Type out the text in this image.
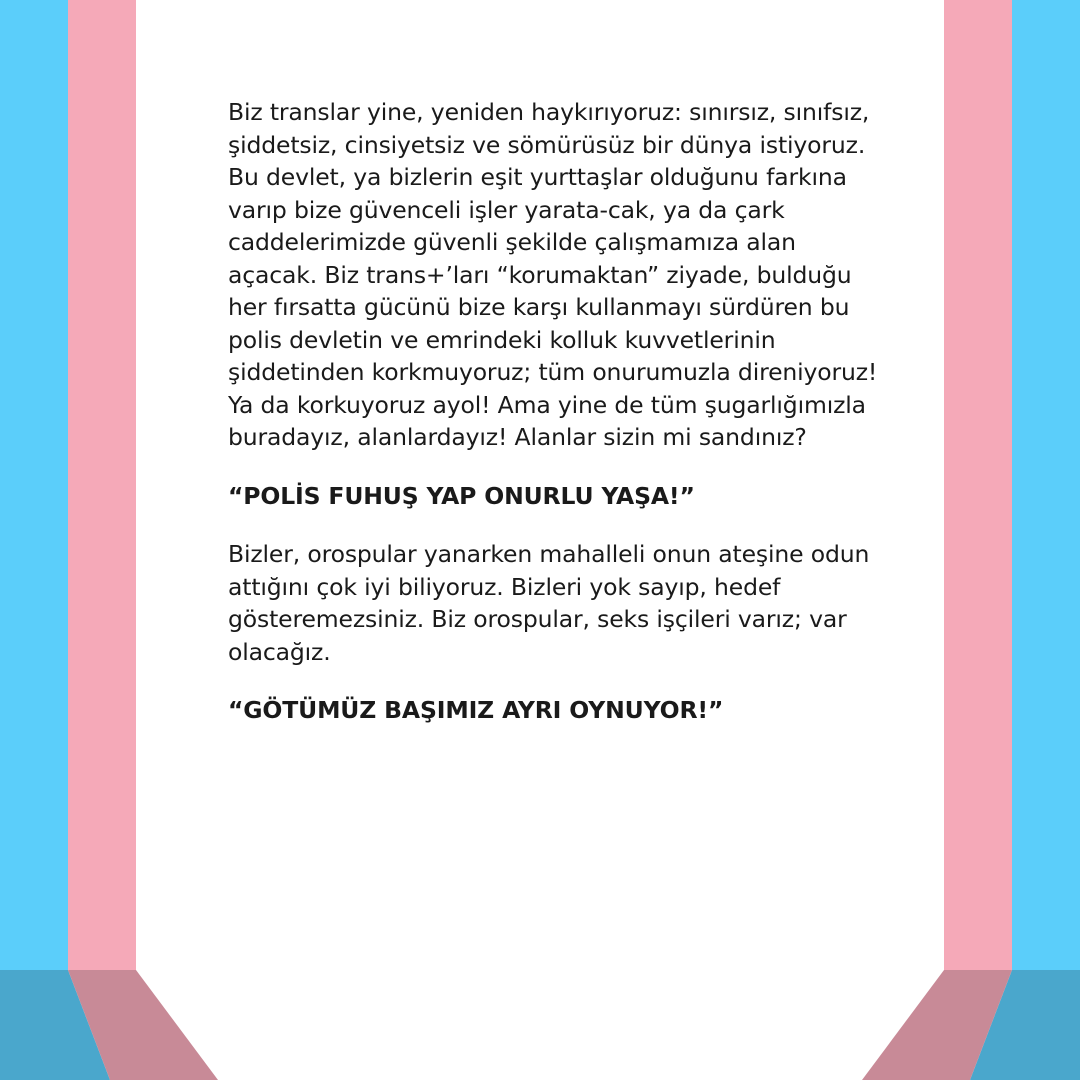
Biz translar yine, yeniden haykırıyoruz: sınırsız, sınıfsız, şiddetsiz, cinsiyetsiz ve sömürüsüz bir dünya istiyoruz. Bu devlet, ya bizlerin eşit yurttaşlar olduğunu farkına varıp bize güvenceli işler yarata-cak, ya da çark caddelerimizde güvenli şekilde çalışmamıza alan açacak. Biz trans+’ları “korumaktan” ziyade, bulduğu her fırsatta gücünü bize karşı kullanmayı sürdüren bu polis devletin ve emrindeki kolluk kuvvetlerinin şiddetinden korkmuyoruz; tüm onurumuzla direniyoruz! Ya da korkuyoruz ayol! Ama yine de tüm şugarlığımızla buradayız, alanlardayız! Alanlar sizin mi sandınız?

“POLİS FUHUŞ YAP ONURLU YAŞA!”

Bizler, orospular yanarken mahalleli onun ateşine odun attığını çok iyi biliyoruz. Bizleri yok sayıp, hedef gösteremezsiniz. Biz orospular, seks işçileri varız; var olacağız.

“GÖTÜMÜZ BAŞIMIZ AYRI OYNUYOR!”
